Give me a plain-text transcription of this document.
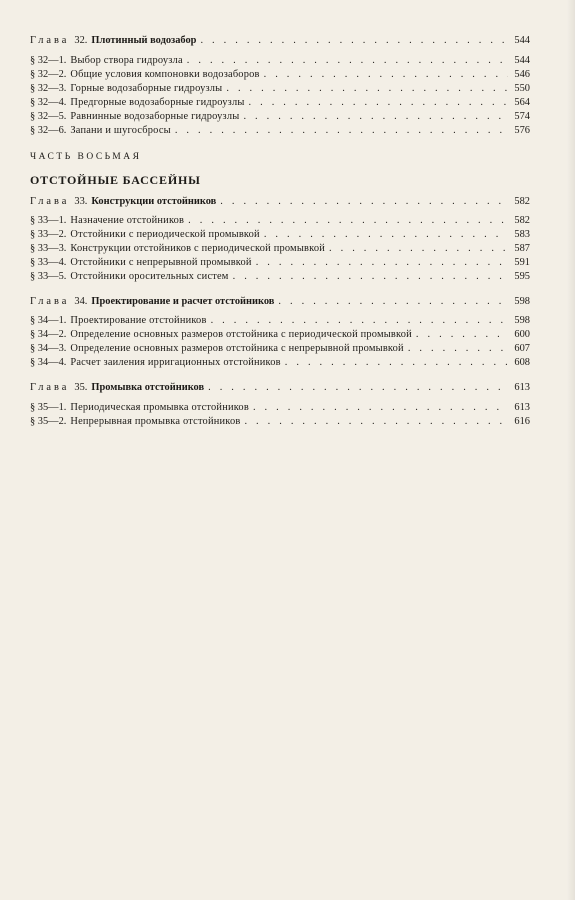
Глава 32. Плотинный водозабор . . .	544
§ 32—1. Выбор створа гидроузла . . .	544
§ 32—2. Общие условия компоновки водозаборов . . .	546
§ 32—3. Горные водозаборные гидроузлы . . .	550
§ 32—4. Предгорные водозаборные гидроузлы . . .	564
§ 32—5. Равнинные водозаборные гидроузлы . . .	574
§ 32—6. Запани и шугосбросы . . .	576
ЧАСТЬ ВОСЬМАЯ
ОТСТОЙНЫЕ БАССЕЙНЫ
Глава 33. Конструкции отстойников . . .	582
§ 33—1. Назначение отстойников . . .	582
§ 33—2. Отстойники с периодической промывкой . . .	583
§ 33—3. Конструкции отстойников с периодической промывкой . . .	587
§ 33—4. Отстойники с непрерывной промывкой . . .	591
§ 33—5. Отстойники оросительных систем . . .	595
Глава 34. Проектирование и расчет отстойников . . .	598
§ 34—1. Проектирование отстойников . . .	598
§ 34—2. Определение основных размеров отстойника с периодической промывкой . . .	600
§ 34—3. Определение основных размеров отстойника с непрерывной промывкой . . .	607
§ 34—4. Расчет заиления ирригационных отстойников . . .	608
Глава 35. Промывка отстойников . . .	613
§ 35—1. Периодическая промывка отстойников . . .	613
§ 35—2. Непрерывная промывка отстойников . . .	616
